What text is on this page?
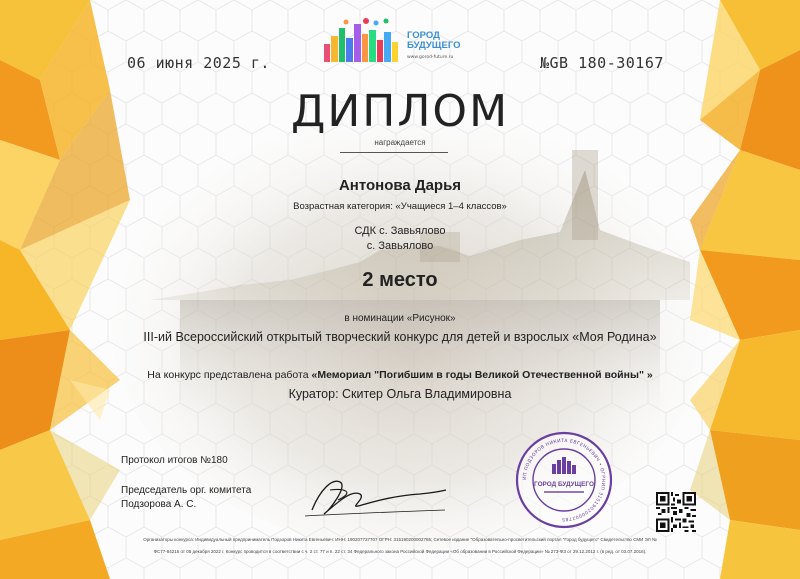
06 июня 2025 г.	№GB 180-30167
ГОРОД
БУДУЩЕГО
www.gorod-future.ru
ДИПЛОМ
награждается
Антонова Дарья
Возрастная категория: «Учащиеся 1–4 классов»
СДК с. Завьялово
с. Завьялово
2 место
в номинации «Рисунок»
III-ий Всероссийский открытый творческий конкурс для детей и взрослых «Моя Родина»
На конкурс представлена работа «Мемориал "Погибшим в годы Великой Отечественной войны" »
Куратор: Скитер Ольга Владимировна
Протокол итогов №180
Председатель орг. комитета
Подзорова А. С.
ИП ПОДЗОРОВ НИКИТА ЕВГЕНЬЕВИЧ • ОГРНИП 315190200002785
ГОРОД БУДУЩЕГО
Организаторы конкурса: Индивидуальный предприниматель Подзоров Никита Евгеньевич: ИНН: 190207737707 ОГРН: 315190200002785; Сетевое издание "Образовательно-просветительский портал "Город будущего" Свидетельство СМИ ЭЛ №
ФС77-84216 от 05 декабря 2022 г. Конкурс проводится в соответствии с ч. 2 ст. 77 и п. 22 ст. 34 Федерального закона Российской Федерации «Об образовании в Российской Федерации» № 273-ФЗ от 29.12.2012 г. (в ред. от 03.07.2016).
